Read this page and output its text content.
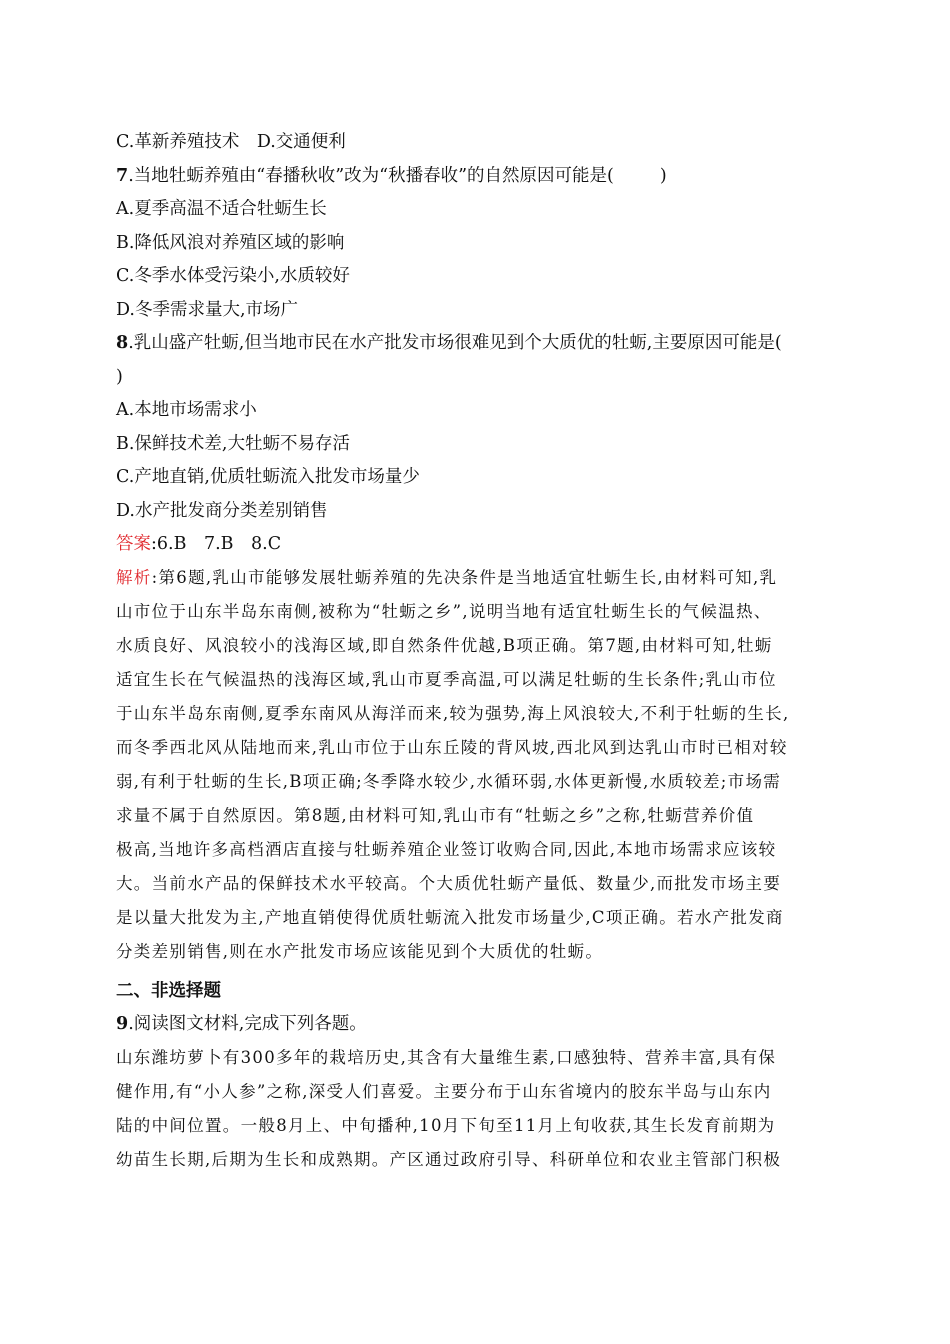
C.革新养殖技术　D.交通便利
7.当地牡蛎养殖由“春播秋收”改为“秋播春收”的自然原因可能是(	)
A.夏季高温不适合牡蛎生长
B.降低风浪对养殖区域的影响
C.冬季水体受污染小,水质较好
D.冬季需求量大,市场广
8.乳山盛产牡蛎,但当地市民在水产批发市场很难见到个大质优的牡蛎,主要原因可能是(
)
A.本地市场需求小
B.保鲜技术差,大牡蛎不易存活
C.产地直销,优质牡蛎流入批发市场量少
D.水产批发商分类差别销售
答案:6.B　7.B　8.C
解析:第6题,乳山市能够发展牡蛎养殖的先决条件是当地适宜牡蛎生长,由材料可知,乳
山市位于山东半岛东南侧,被称为“牡蛎之乡”,说明当地有适宜牡蛎生长的气候温热、
水质良好、风浪较小的浅海区域,即自然条件优越,B项正确。第7题,由材料可知,牡蛎
适宜生长在气候温热的浅海区域,乳山市夏季高温,可以满足牡蛎的生长条件;乳山市位
于山东半岛东南侧,夏季东南风从海洋而来,较为强势,海上风浪较大,不利于牡蛎的生长,
而冬季西北风从陆地而来,乳山市位于山东丘陵的背风坡,西北风到达乳山市时已相对较
弱,有利于牡蛎的生长,B项正确;冬季降水较少,水循环弱,水体更新慢,水质较差;市场需
求量不属于自然原因。第8题,由材料可知,乳山市有“牡蛎之乡”之称,牡蛎营养价值
极高,当地许多高档酒店直接与牡蛎养殖企业签订收购合同,因此,本地市场需求应该较
大。当前水产品的保鲜技术水平较高。个大质优牡蛎产量低、数量少,而批发市场主要
是以量大批发为主,产地直销使得优质牡蛎流入批发市场量少,C项正确。若水产批发商
分类差别销售,则在水产批发市场应该能见到个大质优的牡蛎。
二、非选择题
9.阅读图文材料,完成下列各题。
山东潍坊萝卜有300多年的栽培历史,其含有大量维生素,口感独特、营养丰富,具有保
健作用,有“小人参”之称,深受人们喜爱。主要分布于山东省境内的胶东半岛与山东内
陆的中间位置。一般8月上、中旬播种,10月下旬至11月上旬收获,其生长发育前期为
幼苗生长期,后期为生长和成熟期。产区通过政府引导、科研单位和农业主管部门积极
